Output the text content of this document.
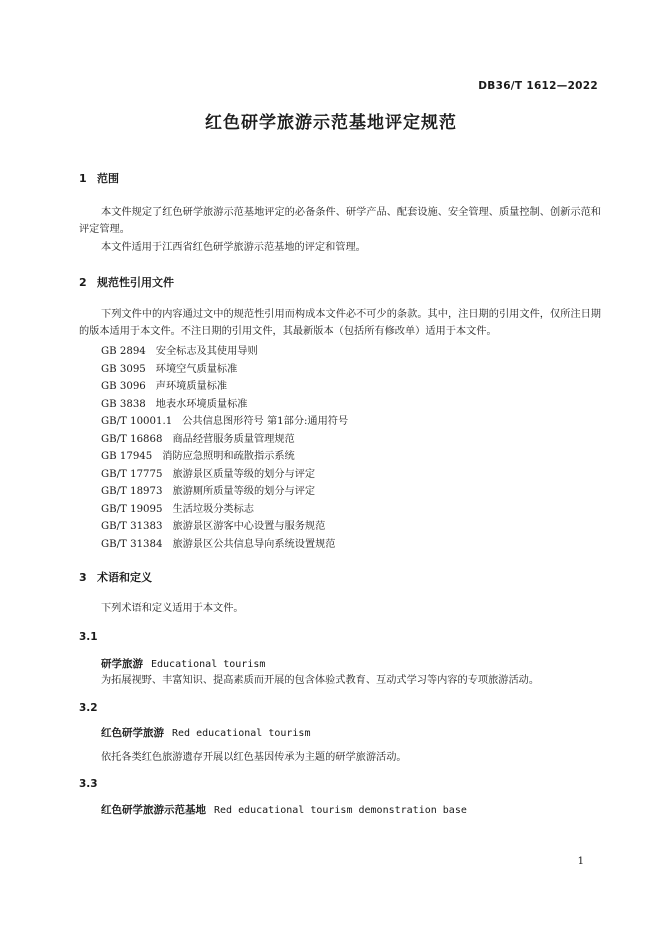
DB36/T 1612—2022
红色研学旅游示范基地评定规范
1 范围
本文件规定了红色研学旅游示范基地评定的必备条件、研学产品、配套设施、安全管理、质量控制、创新示范和评定管理。
本文件适用于江西省红色研学旅游示范基地的评定和管理。
2 规范性引用文件
下列文件中的内容通过文中的规范性引用而构成本文件必不可少的条款。其中，注日期的引用文件，仅所注日期的版本适用于本文件。不注日期的引用文件，其最新版本（包括所有修改单）适用于本文件。
GB 2894 安全标志及其使用导则
GB 3095 环境空气质量标准
GB 3096 声环境质量标准
GB 3838 地表水环境质量标准
GB/T 10001.1 公共信息图形符号 第1部分:通用符号
GB/T 16868 商品经营服务质量管理规范
GB 17945 消防应急照明和疏散指示系统
GB/T 17775 旅游景区质量等级的划分与评定
GB/T 18973 旅游厕所质量等级的划分与评定
GB/T 19095 生活垃圾分类标志
GB/T 31383 旅游景区游客中心设置与服务规范
GB/T 31384 旅游景区公共信息导向系统设置规范
3 术语和定义
下列术语和定义适用于本文件。
3.1
研学旅游 Educational tourism
为拓展视野、丰富知识、提高素质而开展的包含体验式教育、互动式学习等内容的专项旅游活动。
3.2
红色研学旅游 Red educational tourism
依托各类红色旅游遗存开展以红色基因传承为主题的研学旅游活动。
3.3
红色研学旅游示范基地 Red educational tourism demonstration base
1
